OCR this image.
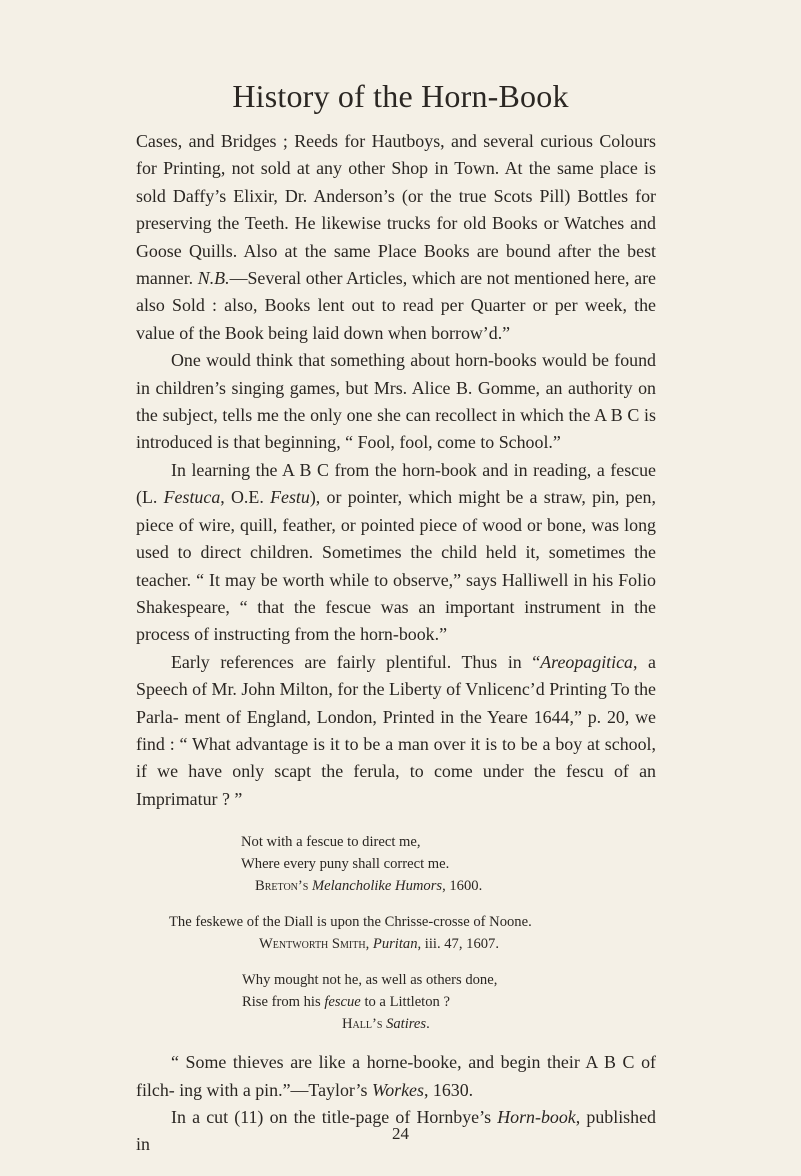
History of the Horn-Book

Cases, and Bridges ; Reeds for Hautboys, and several curious Colours for Printing, not sold at any other Shop in Town. At the same place is sold Daffy’s Elixir, Dr. Anderson’s (or the true Scots Pill) Bottles for preserving the Teeth. He likewise trucks for old Books or Watches and Goose Quills. Also at the same Place Books are bound after the best manner. N.B.—Several other Articles, which are not mentioned here, are also Sold : also, Books lent out to read per Quarter or per week, the value of the Book being laid down when borrow’d.”

One would think that something about horn-books would be found in children’s singing games, but Mrs. Alice B. Gomme, an authority on the subject, tells me the only one she can recollect in which the A B C is introduced is that beginning, “ Fool, fool, come to School.”

In learning the A B C from the horn-book and in reading, a fescue (L. Festuca, O.E. Festu), or pointer, which might be a straw, pin, pen, piece of wire, quill, feather, or pointed piece of wood or bone, was long used to direct children. Sometimes the child held it, sometimes the teacher. “ It may be worth while to observe,” says Halliwell in his Folio Shakespeare, “ that the fescue was an important instrument in the process of instructing from the horn-book.”

Early references are fairly plentiful. Thus in “Areopagitica, a Speech of Mr. John Milton, for the Liberty of Vnlicenc’d Printing To the Parla- ment of England, London, Printed in the Yeare 1644,” p. 20, we find : “ What advantage is it to be a man over it is to be a boy at school, if we have only scapt the ferula, to come under the fescu of an Imprimatur ? ”

Not with a fescue to direct me,
Where every puny shall correct me.
Breton’s Melancholike Humors, 1600.
The feskewe of the Diall is upon the Chrisse-crosse of Noone.
Wentworth Smith, Puritan, iii. 47, 1607.
Why mought not he, as well as others done,
Rise from his fescue to a Littleton ?
Hall’s Satires.

“ Some thieves are like a horne-booke, and begin their A B C of filch- ing with a pin.”—Taylor’s Workes, 1630.

In a cut (11) on the title-page of Hornbye’s Horn-book, published in

24
